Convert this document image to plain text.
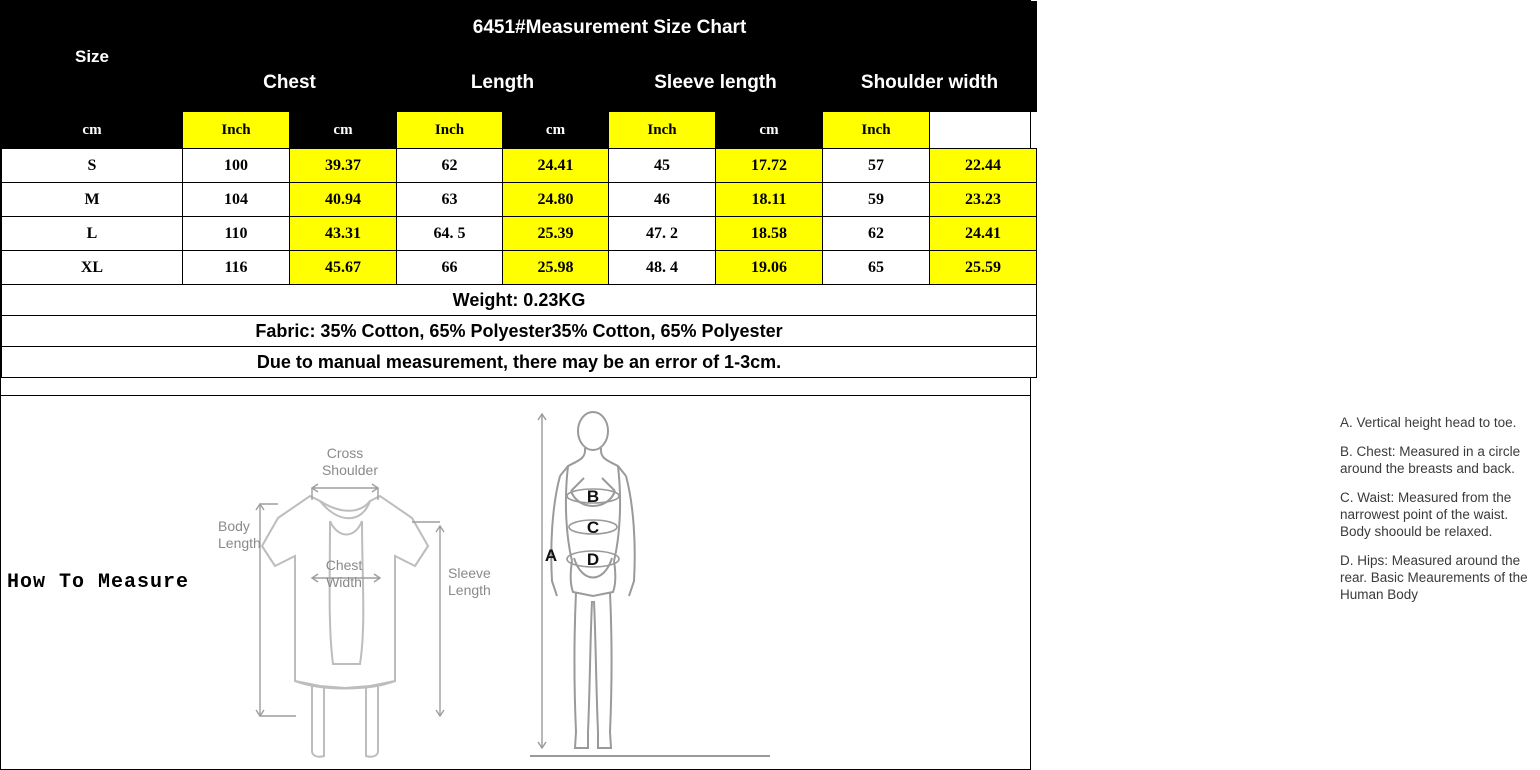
Size	6451#Measurement Size Chart							
	Chest		Length		Sleeve length		Shoulder width	
cm	Inch	cm	Inch	cm	Inch	cm	Inch	
S	100	39.37	62	24.41	45	17.72	57	22.44
M	104	40.94	63	24.80	46	18.11	59	23.23
L	110	43.31	64. 5	25.39	47. 2	18.58	62	24.41
XL	116	45.67	66	25.98	48. 4	19.06	65	25.59
Weight: 0.23KG								
Fabric: 35% Cotton, 65% Polyester35% Cotton, 65% Polyester								
Due to manual measurement, there may be an error of 1-3cm.								
How To Measure
Cross
Shoulder
Chest
Width
Body
Length
Sleeve
Length
A
B
C
D

A. Vertical height head to toe.

B. Chest: Measured in a circle around the breasts and back.

C. Waist: Measured from the narrowest point of the waist. Body shoould be relaxed.

D. Hips: Measured around the rear. Basic Meaurements of the Human Body
